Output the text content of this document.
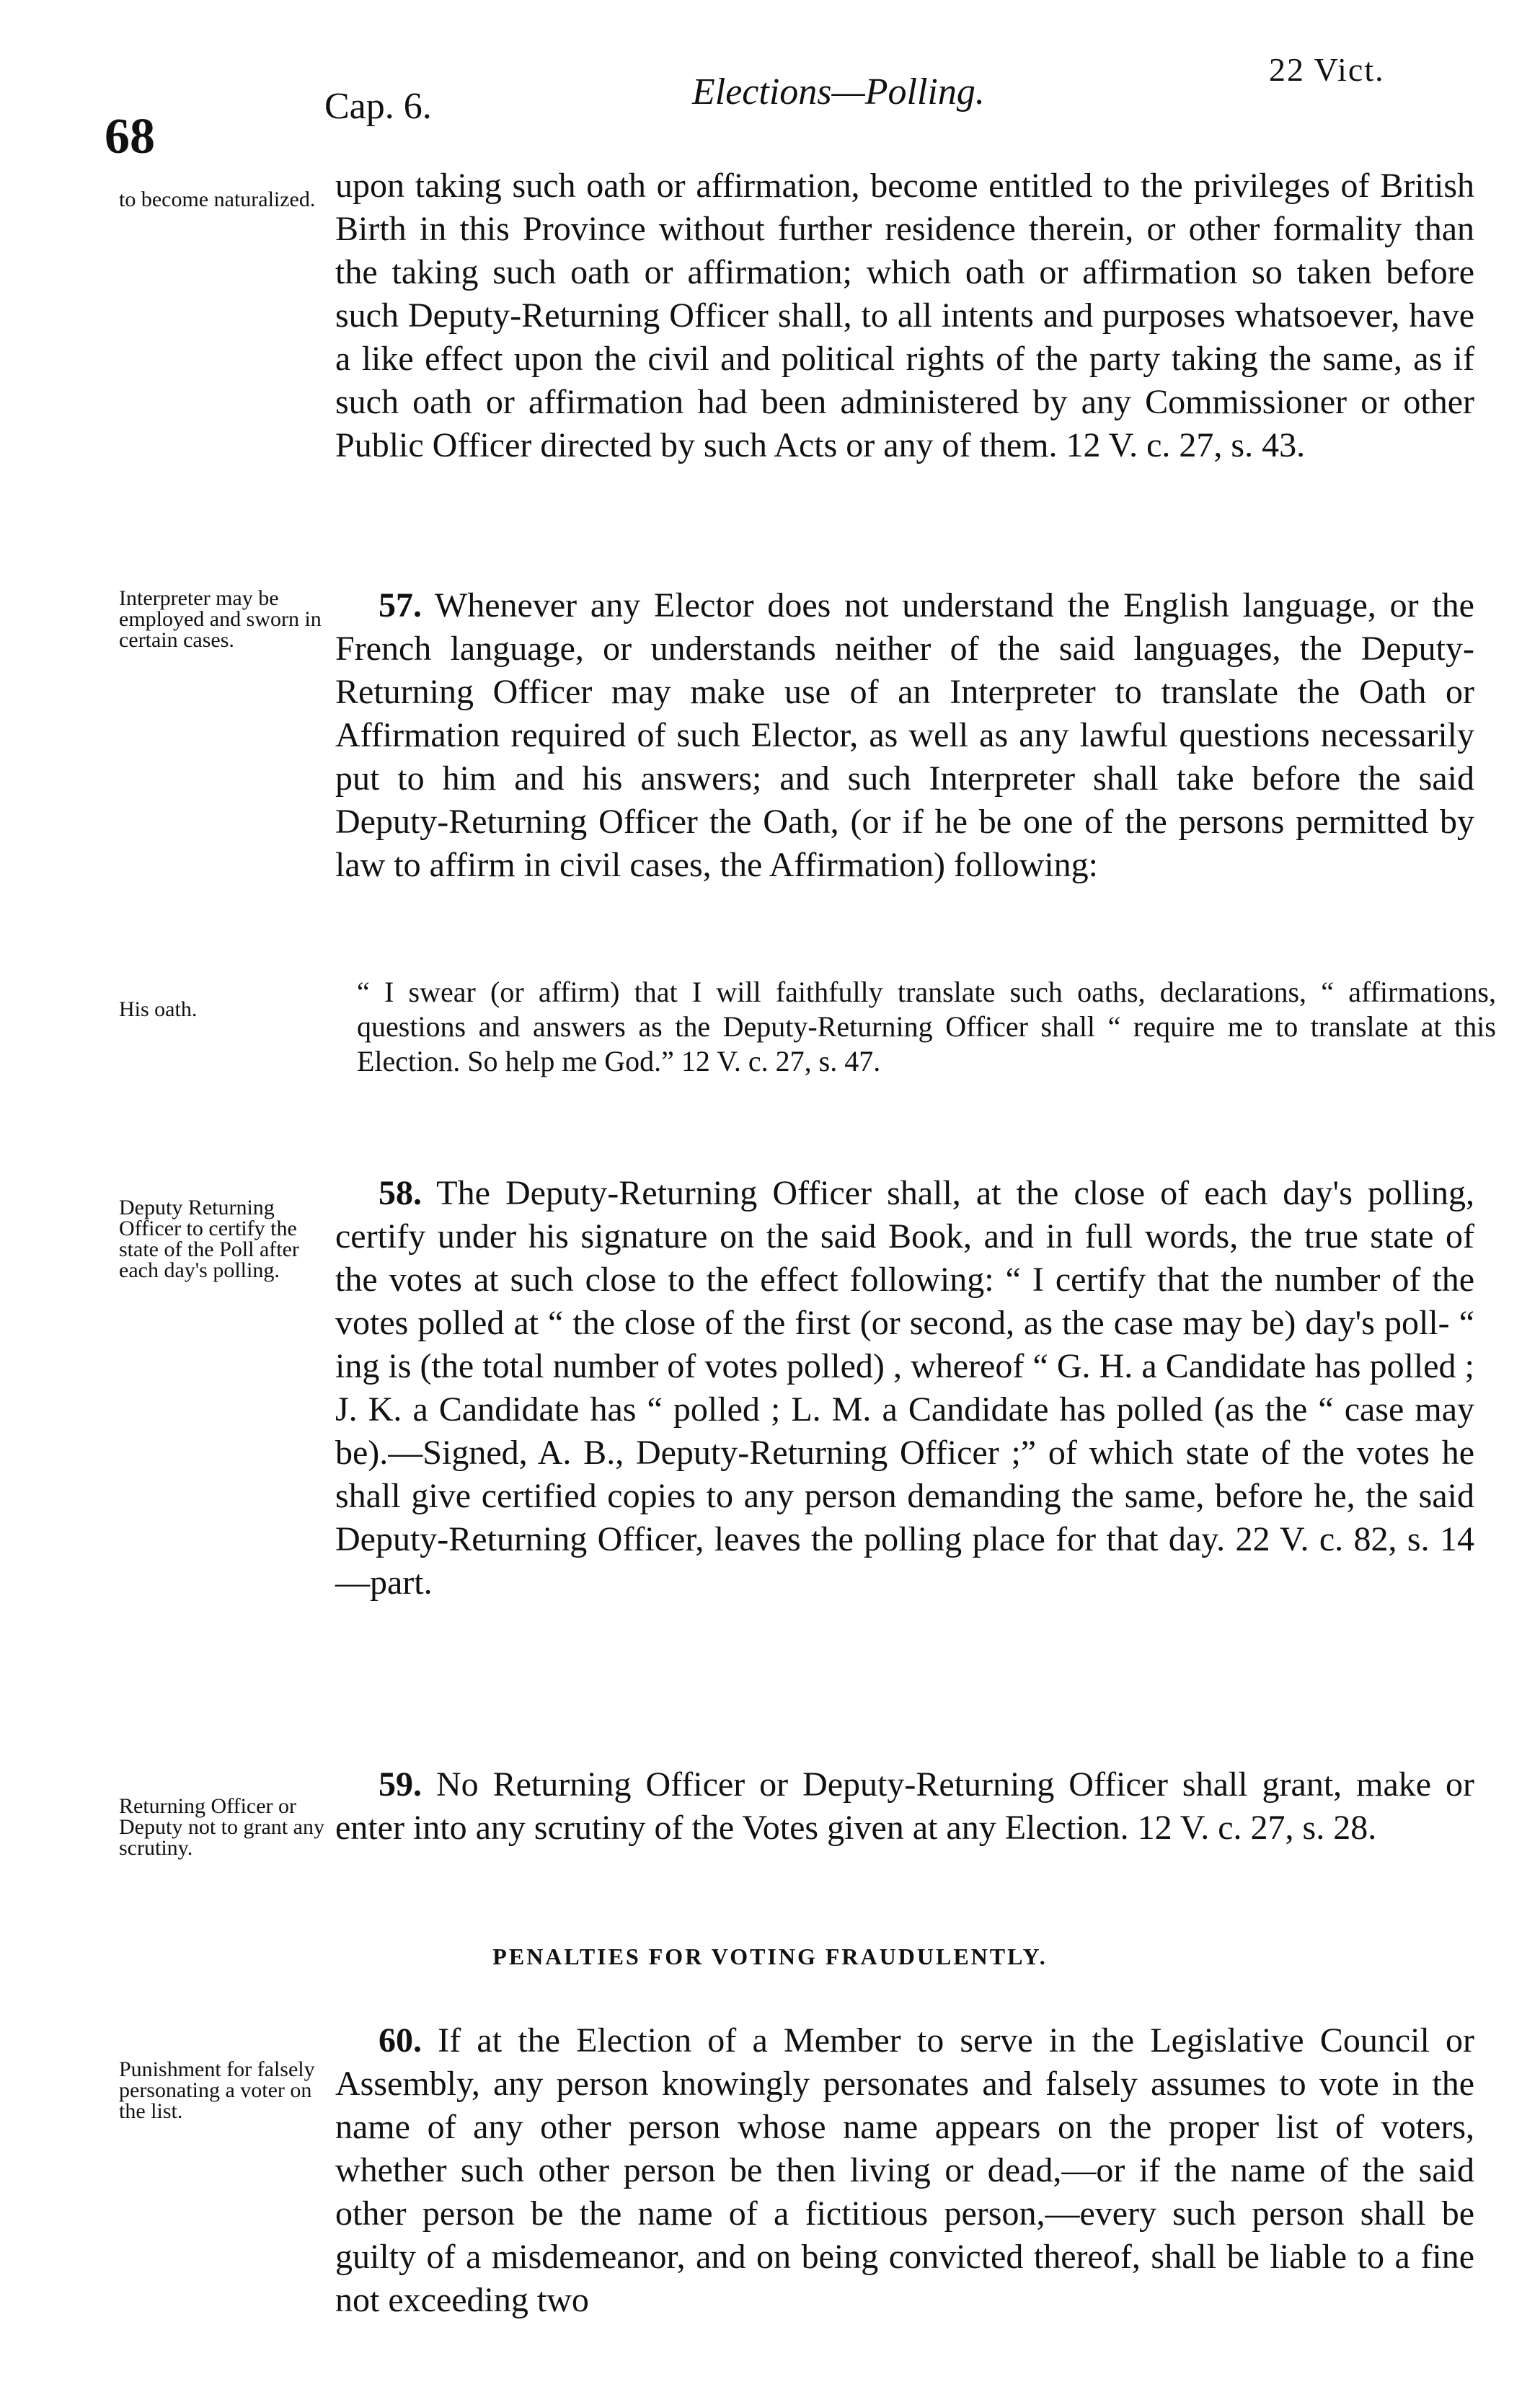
68
Cap. 6.	Elections—Polling.
22 Vict.
to become naturalized. upon taking such oath or affirmation, become entitled to the privileges of British Birth in this Province without further residence therein, or other formality than the taking such oath or affirmation; which oath or affirmation so taken before such Deputy-Returning Officer shall, to all intents and purposes whatsoever, have a like effect upon the civil and political rights of the party taking the same, as if such oath or affirmation had been administered by any Commissioner or other Public Officer directed by such Acts or any of them. 12 V. c. 27, s. 43.

Interpreter may be employed and sworn in certain cases.

57. Whenever any Elector does not understand the English language, or the French language, or understands neither of the said languages, the Deputy-Returning Officer may make use of an Interpreter to translate the Oath or Affirmation required of such Elector, as well as any lawful questions necessarily put to him and his answers; and such Interpreter shall take before the said Deputy-Returning Officer the Oath, (or if he be one of the persons permitted by law to affirm in civil cases, the Affirmation) following:

His oath.
“ I swear (or affirm) that I will faithfully translate such oaths, declarations, “ affirmations, questions and answers as the Deputy-Returning Officer shall “ require me to translate at this Election. So help me God.” 12 V. c. 27, s. 47.
Deputy Returning Officer to certify the state of the Poll after each day's polling.

58. The Deputy-Returning Officer shall, at the close of each day's polling, certify under his signature on the said Book, and in full words, the true state of the votes at such close to the effect following: “ I certify that the number of the votes polled at “ the close of the first (or second, as the case may be) day's poll- “ ing is (the total number of votes polled) , whereof “ G. H. a Candidate has polled ; J. K. a Candidate has “ polled ; L. M. a Candidate has polled (as the “ case may be).—Signed, A. B., Deputy-Returning Officer ;” of which state of the votes he shall give certified copies to any person demanding the same, before he, the said Deputy-Returning Officer, leaves the polling place for that day. 22 V. c. 82, s. 14—part.

Returning Officer or Deputy not to grant any scrutiny.

59. No Returning Officer or Deputy-Returning Officer shall grant, make or enter into any scrutiny of the Votes given at any Election. 12 V. c. 27, s. 28.

PENALTIES FOR VOTING FRAUDULENTLY.
Punishment for falsely personating a voter on the list.

60. If at the Election of a Member to serve in the Legislative Council or Assembly, any person knowingly personates and falsely assumes to vote in the name of any other person whose name appears on the proper list of voters, whether such other person be then living or dead,—or if the name of the said other person be the name of a fictitious person,—every such person shall be guilty of a misdemeanor, and on being convicted thereof, shall be liable to a fine not exceeding two
